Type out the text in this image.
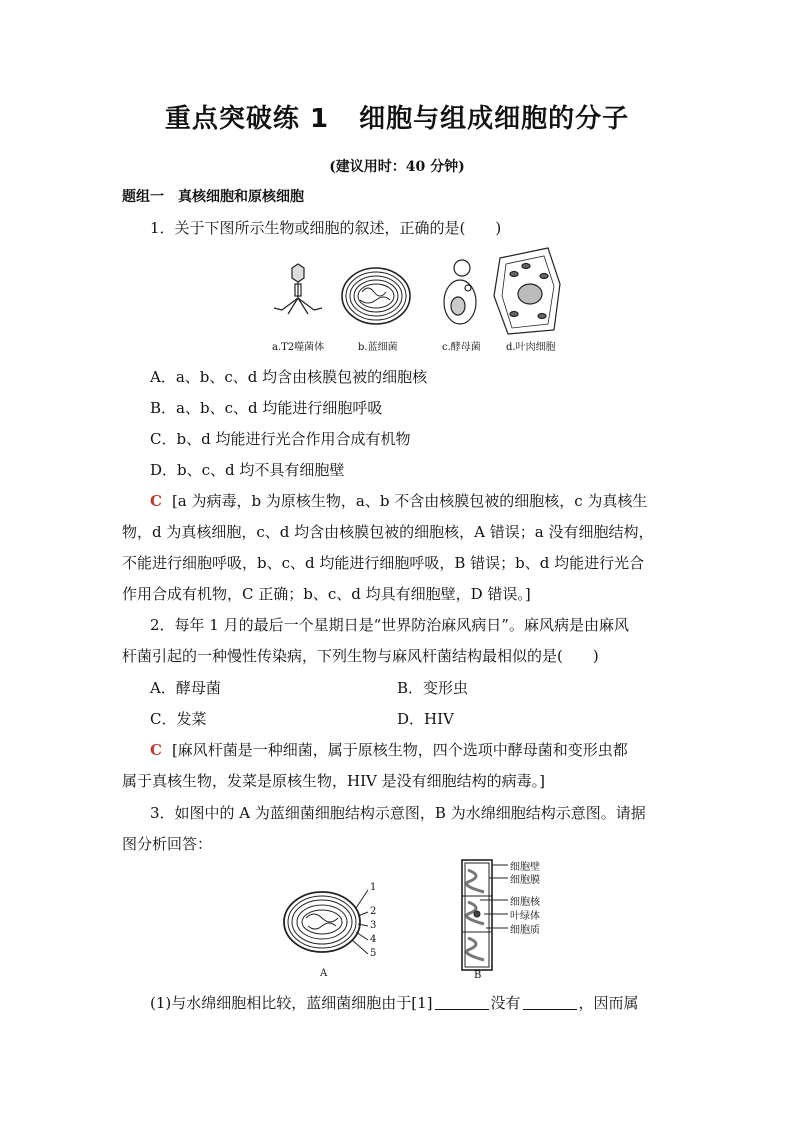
重点突破练 1 细胞与组成细胞的分子
(建议用时：40 分钟)
题组一　真核细胞和原核细胞
1．关于下图所示生物或细胞的叙述，正确的是(　　)
a.T2噬菌体	b.蓝细菌	c.酵母菌	d.叶肉细胞
A．a、b、c、d 均含由核膜包被的细胞核
B．a、b、c、d 均能进行细胞呼吸
C．b、d 均能进行光合作用合成有机物
D．b、c、d 均不具有细胞壁
C [a 为病毒，b 为原核生物，a、b 不含由核膜包被的细胞核，c 为真核生
物，d 为真核细胞，c、d 均含由核膜包被的细胞核，A 错误；a 没有细胞结构，
不能进行细胞呼吸，b、c、d 均能进行细胞呼吸，B 错误；b、d 均能进行光合
作用合成有机物，C 正确；b、c、d 均具有细胞壁，D 错误。]
2．每年 1 月的最后一个星期日是“世界防治麻风病日”。麻风病是由麻风
杆菌引起的一种慢性传染病，下列生物与麻风杆菌结构最相似的是(　　)
A．酵母菌	B．变形虫
C．发菜	D．HIV
C [麻风杆菌是一种细菌，属于原核生物，四个选项中酵母菌和变形虫都
属于真核生物，发菜是原核生物，HIV 是没有细胞结构的病毒。]
3．如图中的 A 为蓝细菌细胞结构示意图，B 为水绵细胞结构示意图。请据
图分析回答：
1
2
3
4
5
A
细胞壁
细胞膜
细胞核
叶绿体
细胞质
B
(1)与水绵细胞相比较，蓝细菌细胞由于[1]	没有	，因而属
